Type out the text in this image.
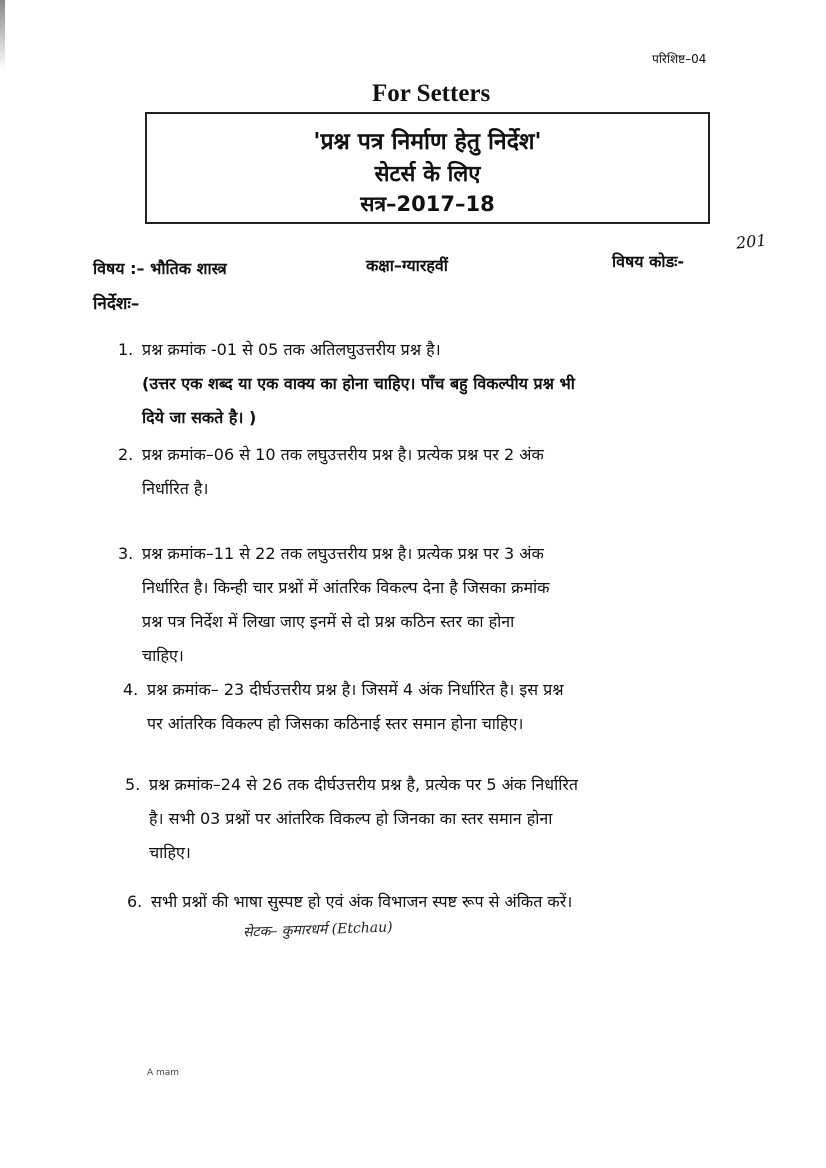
परिशिष्ट–04
For Setters
'प्रश्न पत्र निर्माण हेतु निर्देश'
सेटर्स के लिए
सत्र–2017–18
201
विषय :– भौतिक शास्त्र	कक्षा–ग्यारहवीं	विषय कोडः-
निर्देशः–
1. प्रश्न क्रमांक -01 से 05 तक अतिलघुउत्तरीय प्रश्न है।
(उत्तर एक शब्द या एक वाक्य का होना चाहिए। पाँच बहु विकल्पीय प्रश्न भी
दिये जा सकते है। )
2. प्रश्न क्रमांक–06 से 10 तक लघुउत्तरीय प्रश्न है। प्रत्येक प्रश्न पर 2 अंक
निर्धारित है।
3. प्रश्न क्रमांक–11 से 22 तक लघुउत्तरीय प्रश्न है। प्रत्येक प्रश्न पर 3 अंक
निर्धारित है। किन्ही चार प्रश्नों में आंतरिक विकल्प देना है जिसका क्रमांक
प्रश्न पत्र निर्देश में लिखा जाए इनमें से दो प्रश्न कठिन स्तर का होना
चाहिए।
4. प्रश्न क्रमांक– 23 दीर्घउत्तरीय प्रश्न है। जिसमें 4 अंक निर्धारित है। इस प्रश्न
पर आंतरिक विकल्प हो जिसका कठिनाई स्तर समान होना चाहिए।
5. प्रश्न क्रमांक–24 से 26 तक दीर्घउत्तरीय प्रश्न है, प्रत्येक पर 5 अंक निर्धारित
है। सभी 03 प्रश्नों पर आंतरिक विकल्प हो जिनका का स्तर समान होना
चाहिए।
6. सभी प्रश्नों की भाषा सुस्पष्ट हो एवं अंक विभाजन स्पष्ट रूप से अंकित करें।
सेटक– कुमारधर्म (Etchau)
A mam
